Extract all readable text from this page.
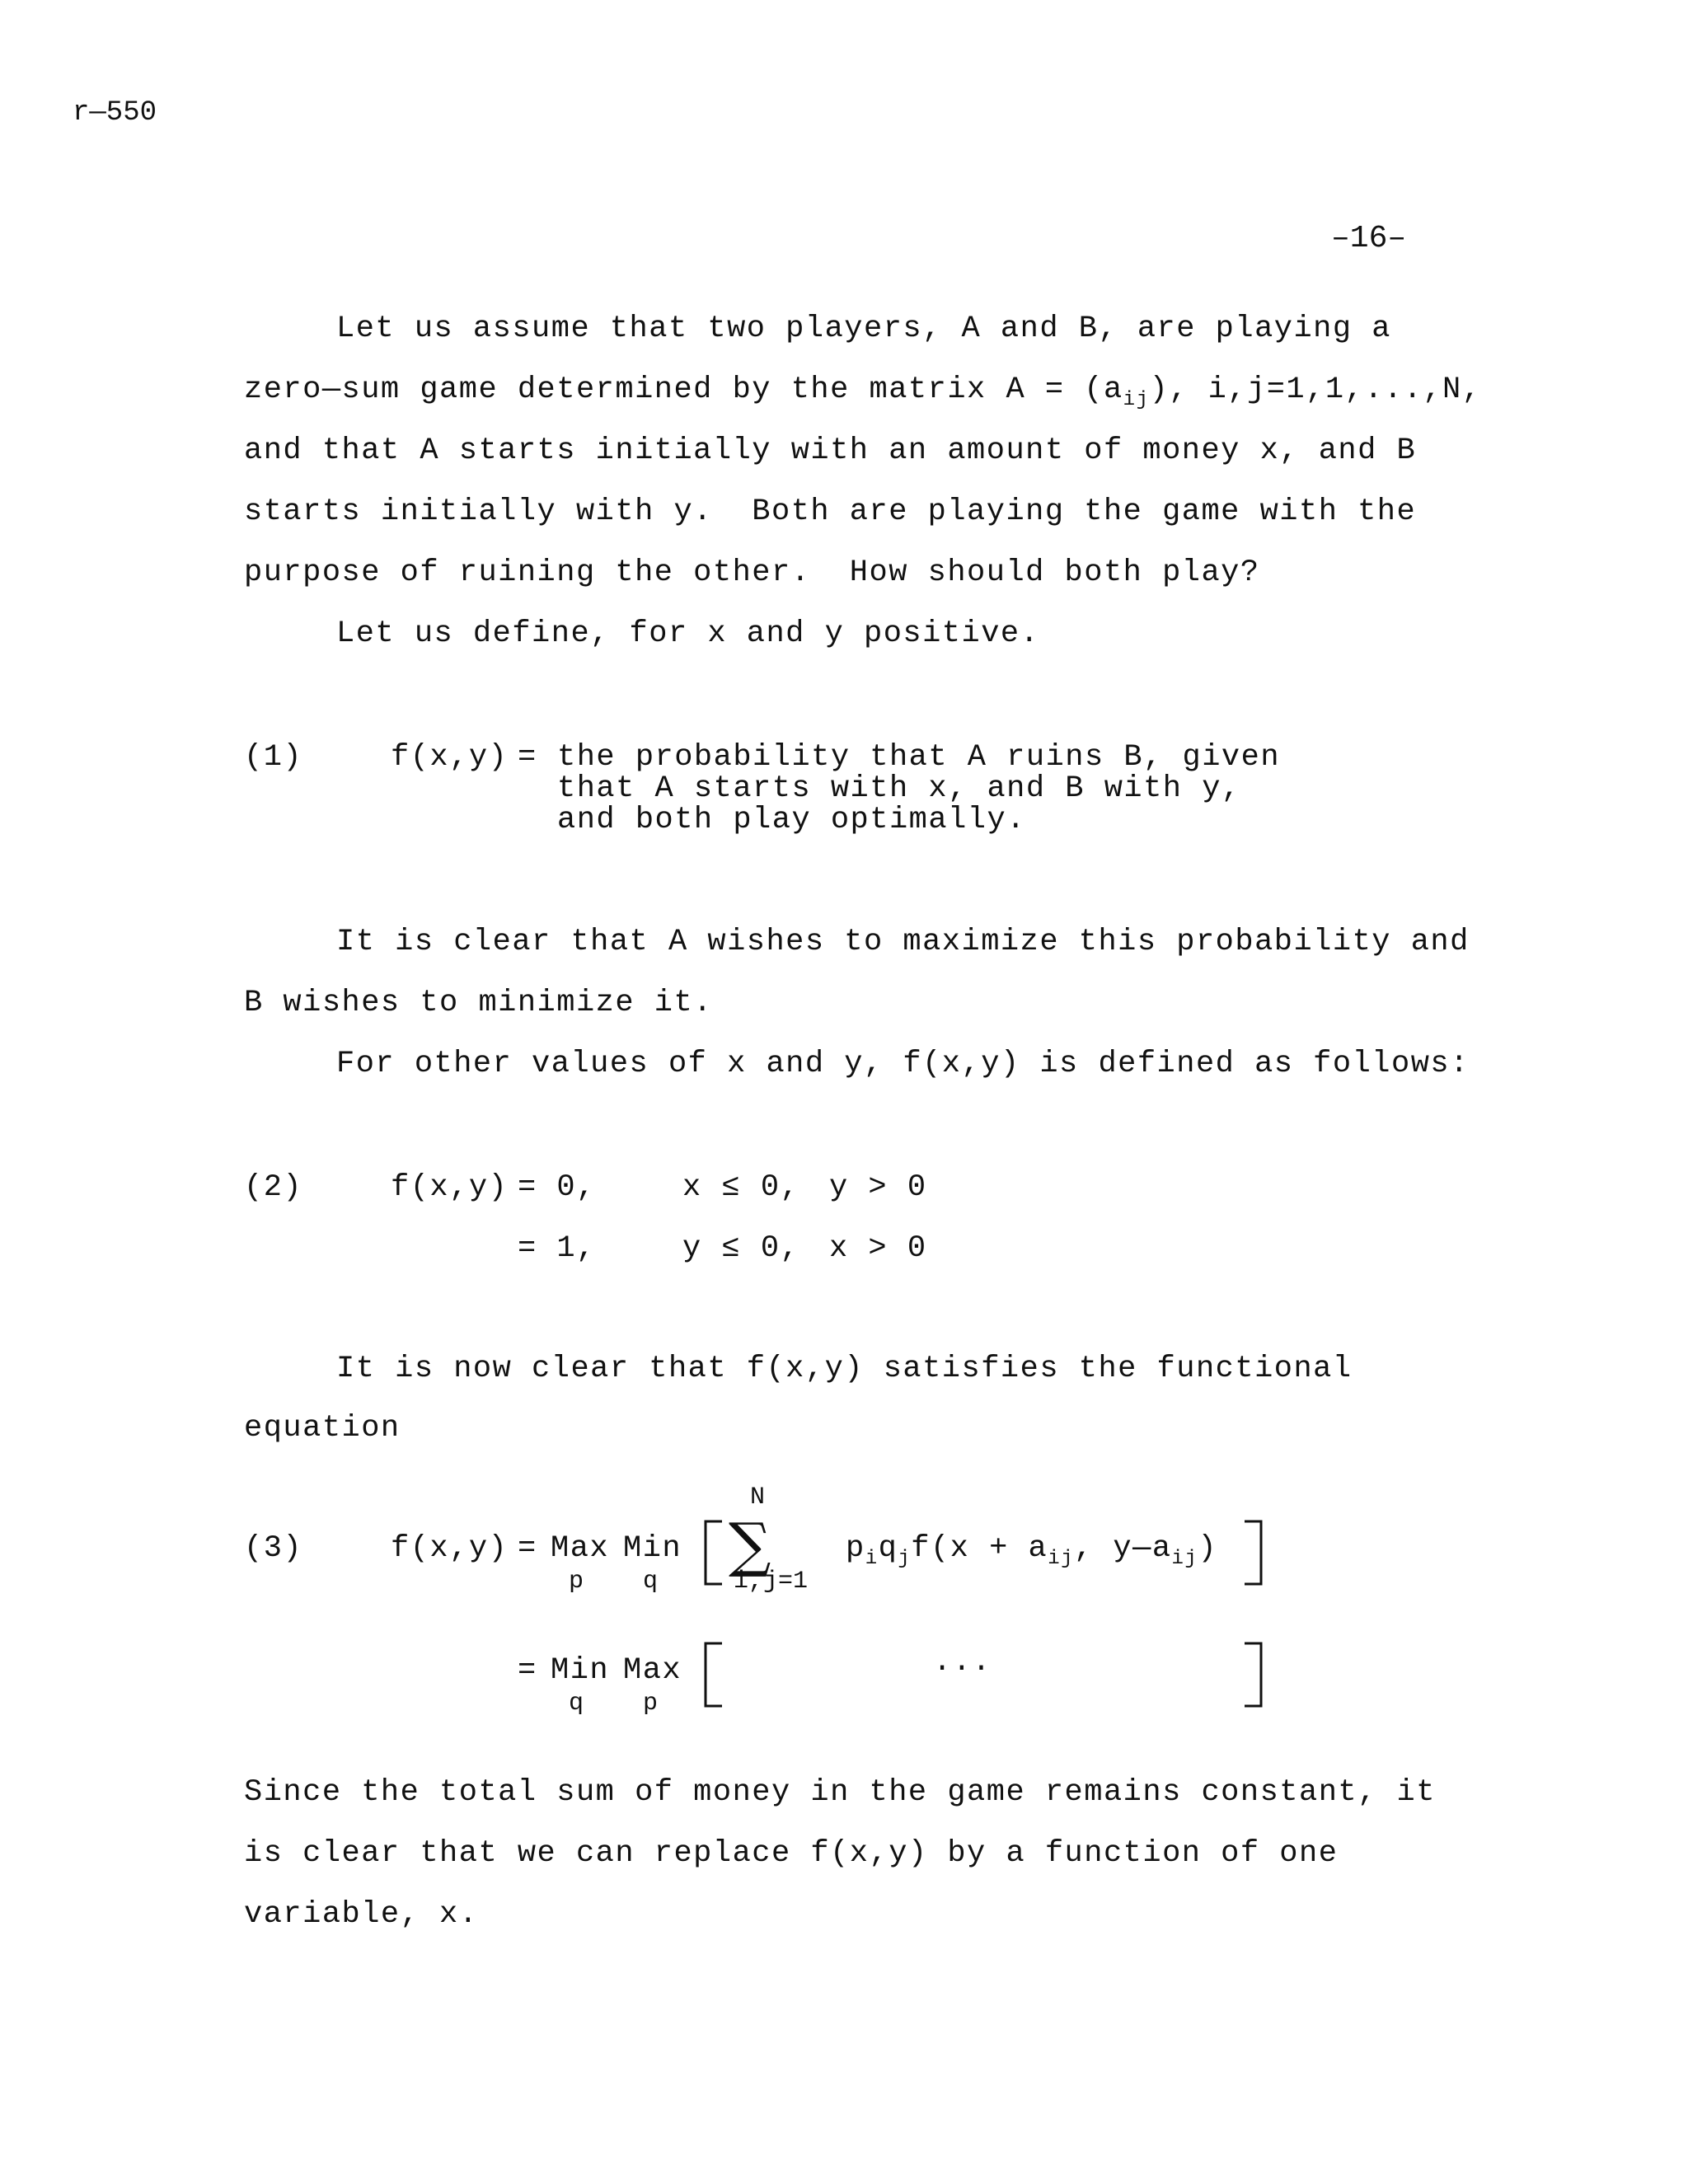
r—550
–16–
Let us assume that two players, A and B, are playing a
zero—sum game determined by the matrix $A = (a_{ij})$, i,j=1,1,...,N,
and that A starts initially with an amount of money x, and B
starts initially with y.  Both are playing the game with the
purpose of ruining the other.  How should both play?
Let us define, for x and y positive.
(1)	f(x,y) = the probability that A ruins B, given
that A starts with x, and B with y,
and both play optimally.
It is clear that A wishes to maximize this probability and
B wishes to minimize it.
For other values of x and y, f(x,y) is defined as follows:
(2)	f(x,y) = 0,	x ≤ 0, y > 0
= 1,	y ≤ 0, x > 0
It is now clear that f(x,y) satisfies the functional
equation
(3)	f(x,y) = Max
p
Min
q
N
∑
i,j=1
$p_iq_jf(x + a_{ij}$, $y—a_{ij}$)
= Min
q
Max
p
...
Since the total sum of money in the game remains constant, it
is clear that we can replace f(x,y) by a function of one
variable, x.
